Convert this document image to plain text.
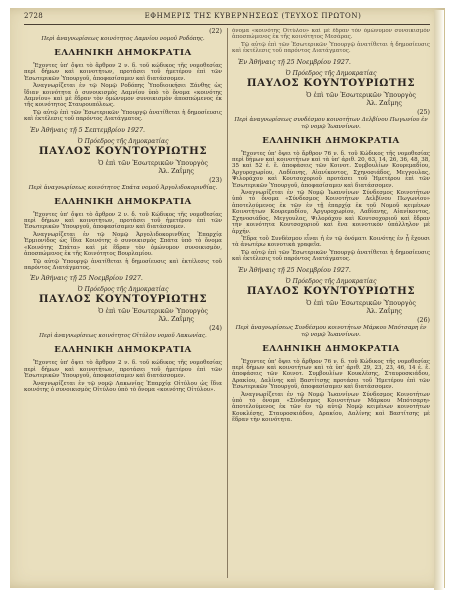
2728	ΕΦΗΜΕΡΙΣ ΤΗΣ ΚΥΒΕΡΝΗΣΕΩΣ (ΤΕΥΧΟΣ ΠΡΩΤΟΝ)

(22)

Περὶ ἀναγνωρίσεως κοινότητος Δαμνίου νομοῦ Ροδόπης.

ΕΛΛΗΝΙΚΗ ΔΗΜΟΚΡΑΤΙΑ

Ἔχοντες ὑπ' ὄψει τὸ ἄρθρον 2 ν. δ. τοῦ κώδικος τῆς νομοθεσίας περὶ δήμων καὶ κοινοτήτων, προτάσει τοῦ ἡμετέρου ἐπὶ τῶν Ἐσωτερικῶν Ὑπουργοῦ, ἀποφασίσαμεν καὶ διατάσσομεν.

Ἀναγνωρίζεται ἐν τῷ Νομῷ Ροδόπης Ὑποδιοικήσει Ξάνθης ὡς ἴδιαν κοινότητα ὁ συνοικισμὸς Δαμνίου ὑπὸ τὸ ὄνομα «κοινότης Δαμνίου» καὶ μὲ ἕδραν τὸν ὁμώνυμον συνοικισμὸν ἀποσπώμενος ἐκ τῆς κοινότητος Σταυρουπόλεως.

Τῷ αὐτῷ ἐπὶ τῶν Ἐσωτερικῶν Ὑπουργῷ ἀνατίθεται ἡ δημοσίευσις καὶ ἐκτέλεσις τοῦ παρόντος Διατάγματος.

Ἐν Ἀθήναις τῇ 5 Σεπτεμβρίου 1927.

Ὁ Πρόεδρος τῆς Δημοκρατίας

ΠΑΥΛΟΣ ΚΟΥΝΤΟΥΡΙΩΤΗΣ

Ὁ ἐπὶ τῶν Ἐσωτερικῶν Ὑπουργὸς

Ἀλ. Ζαΐμης

(23)

Περὶ ἀναγνωρίσεως κοινότητος Σπάτα νομοῦ Ἀργολιδοκορινθίας.

ΕΛΛΗΝΙΚΗ ΔΗΜΟΚΡΑΤΙΑ

Ἔχοντες ὑπ' ὄψει τὸ ἄρθρον 2 ν. δ. τοῦ Κώδικος τῆς νομοθεσίας περὶ δήμων καὶ κοινοτήτων, προτάσει τοῦ ἡμετέρου ἐπὶ τῶν Ἐσωτερικῶν Ὑπουργοῦ, ἀποφασίσαμεν καὶ διατάσσομεν.

Ἀναγνωρίζεται ἐν τῷ Νομῷ Ἀργολιδοκορινθίας Ἐπαρχίᾳ Ἑρμιονίδος ὡς ἴδια Κοινότης ὁ συνοικισμὸς Σπάτα ὑπὸ τὸ ὄνομα «Κοινότης Σπάτα» καὶ μὲ ἕδραν τὸν ὁμώνυμον συνοικισμὸν, ἀποσπώμενος ἐκ τῆς Κοινότητος Βουρλαμίου.

Τῷ αὐτῷ Ὑπουργῷ ἀνατίθεται ἡ δημοσίευσις καὶ ἐκτέλεσις τοῦ παρόντος Διατάγματος.

Ἐν Ἀθήναις τῇ 25 Νοεμβρίου 1927.

Ὁ Πρόεδρος τῆς Δημοκρατίας

ΠΑΥΛΟΣ ΚΟΥΝΤΟΥΡΙΩΤΗΣ

Ὁ ἐπὶ τῶν Ἐσωτερικῶν Ὑπουργὸς

Ἀλ. Ζαΐμης

(24)

Περὶ ἀναγνωρίσεως κοινότητος Οἰτύλου νομοῦ Λακωνίας.

ΕΛΛΗΝΙΚΗ ΔΗΜΟΚΡΑΤΙΑ

Ἔχοντες ὑπ' ὄψει τὸ ἄρθρον 2 ν. δ. τοῦ κώδικος τῆς νομοθεσίας περὶ δήμων καὶ κοινοτήτων, προτάσει τοῦ ἡμετέρου ἐπὶ τῶν Ἐσωτερικῶν Ὑπουργοῦ, ἀποφασίσαμεν καὶ διατάσσομεν.

Ἀναγνωρίζεται ἐν τῷ νομῷ Λακωνίας Ἐπαρχίᾳ Οἰτύλου ὡς ἴδια κοινότης ὁ συνοικισμὸς Οἰτύλου ὑπὸ τὸ ὄνομα «κοινότης Οἰτύλου».

ὄνομα «κοινότης Οἰτύλου» καὶ μὲ ἕδραν τὸν ὁμώνυμον συνοικισμὸν ἀποσπώμενος ἐκ τῆς κοινότητος Μεσάρας.

Τῷ αὐτῷ ἐπὶ τῶν Ἐσωτερικῶν Ὑπουργῷ ἀνατίθεται ἡ δημοσίευσις καὶ ἐκτέλεσις τοῦ παρόντος Διατάγματος.

Ἐν Ἀθήναις τῇ 25 Νοεμβρίου 1927.

Ὁ Πρόεδρος τῆς Δημοκρατίας

ΠΑΥΛΟΣ ΚΟΥΝΤΟΥΡΙΩΤΗΣ

Ὁ ἐπὶ τῶν Ἐσωτερικῶν Ὑπουργὸς

Ἀλ. Ζαΐμης

(25)

Περὶ ἀναγνωρίσεως συνδέσμου κοινοτήτων Δελβίνου Πωγωνίου ἐν τῷ νομῷ Ἰωαννίνων.

ΕΛΛΗΝΙΚΗ ΔΗΜΟΚΡΑΤΙΑ

Ἔχοντες ὑπ' ὄψει τὸ ἄρθρον 76 ν. δ. τοῦ Κώδικος τῆς νομοθεσίας περὶ δήμων καὶ κοινοτήτων καὶ τὰ ὑπ' ἀριθ. 20, 63, 14, 26, 36, 48, 38, 35 καὶ 52 ἐ. ἔ. ἀποφάσεις τῶν Κοινοτ. Συμβουλίων Κουρεμαδίου, Ἀργυροχωρίου, Λαδίανης, Αἰανίκοντος, Σχηνοσιάδος, Μεγγουλας, Ψιλοράχου καὶ Κουτσοχοριοῦ προτάσει τοῦ Ἡμετέρου ἐπὶ τῶν Ἐσωτερικῶν Ὑπουργοῦ, ἀποφασίσαμεν καὶ διατάσσομεν.

Ἀναγνωρίζεται ἐν τῷ Νομῷ Ἰωαννίνων Σύνδεσμος Κοινοτήτων ὑπὸ τὸ ὄνομα «Σύνδεσμος Κοινοτήτων Δελβίνου Πωγωνίου» ἀποτελούμενος ἐκ τῶν ἐν τῇ ἐπαρχίᾳ ἐκ τοῦ Νομοῦ κειμένων Κοινοτήτων Κουρεμαδίου, Ἀργυροχωρίου, Λαδίανης, Αἰανίκοντος, Σχηνοσιάδος, Μεγγουλας, Ψιλοράχου καὶ Κουτσοχοριοῦ καὶ ἕδραν τὴν κοινότητα Κουτσοχοριοῦ καὶ ἕνα κοινοτικὸν ὑπάλληλον μὲ ἀρχήν.

Ἕδρα τοῦ Συνδέσμου εἶναι ἡ ἐν τῷ ὀνόματι Κοινότης ἐν ᾗ ἔχουσι τὰ ἀνωτέρω κοινοτικὰ γραφεῖα.

Τῷ αὐτῷ ἐπὶ τῶν Ἐσωτερικῶν Ὑπουργῷ ἀνατίθεται ἡ δημοσίευσις καὶ ἐκτέλεσις τοῦ παρόντος Διατάγματος.

Ἐν Ἀθήναις τῇ 25 Νοεμβρίου 1927.

Ὁ Πρόεδρος τῆς Δημοκρατίας

ΠΑΥΛΟΣ ΚΟΥΝΤΟΥΡΙΩΤΗΣ

Ὁ ἐπὶ τῶν Ἐσωτερικῶν Ὑπουργὸς

Ἀλ. Ζαΐμης

(26)

Περὶ ἀναγνωρίσεως Συνδέσμου κοινοτήτων Μάρκου Μπότσαρη ἐν τῷ νομῷ Ἰωαννίνων.

ΕΛΛΗΝΙΚΗ ΔΗΜΟΚΡΑΤΙΑ

Ἔχοντες ὑπ' ὄψει τὸ ἄρθρον 76 ν. δ. τοῦ Κώδικος τῆς νομοθεσίας περὶ δήμων καὶ κοινοτήτων καὶ τὰ ὑπ' ἀριθ. 29, 23, 23, 46, 14 ἐ. ἔ. ἀποφάσεις τῶν Κοινοτ. Συμβουλίων Κουκλέσης, Σταυροσκιάδου, Δρακίου, Δαλίνης καὶ Βαστίτσης προτάσει τοῦ Ἡμετέρου ἐπὶ τῶν Ἐσωτερικῶν Ὑπουργοῦ, ἀποφασίσαμεν καὶ διατάσσομεν.

Ἀναγνωρίζεται ἐν τῷ Νομῷ Ἰωαννίνων Σύνδεσμος Κοινοτήτων ὑπὸ τὸ ὄνομα «Σύνδεσμος Κοινοτήτων Μάρκου Μπότσαρη» ἀποτελούμενος ἐκ τῶν ἐν τῷ αὐτῷ Νομῷ κειμένων κοινοτήτων Κουκλέσης, Σταυροσκιάδου, Δρακίου, Δαλίνης καὶ Βαστίτσης μὲ ἕδραν τὴν κοινότητα.
